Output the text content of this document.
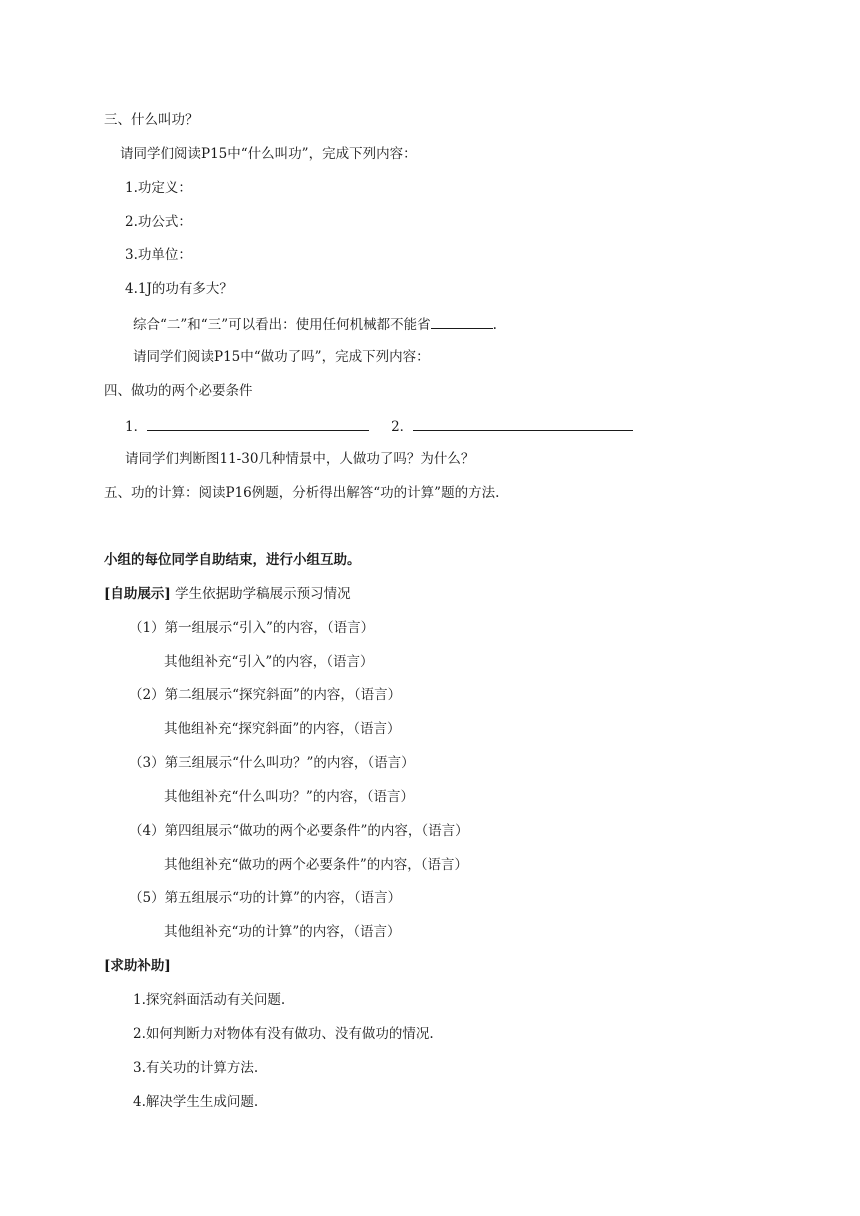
三、什么叫功？
请同学们阅读P15中“什么叫功”，完成下列内容：
1.功定义：
2.功公式：
3.功单位：
4.1J的功有多大？
综合“二”和“三”可以看出：使用任何机械都不能省	.
请同学们阅读P15中“做功了吗”，完成下列内容：
四、做功的两个必要条件
1．	2．
请同学们判断图11-30几种情景中，人做功了吗？为什么？
五、功的计算：阅读P16例题，分析得出解答“功的计算”题的方法.
小组的每位同学自助结束，进行小组互助。
[自助展示] 学生依据助学稿展示预习情况
（1）第一组展示“引入”的内容，（语言）
其他组补充“引入”的内容，（语言）
（2）第二组展示“探究斜面”的内容，（语言）
其他组补充“探究斜面”的内容，（语言）
（3）第三组展示“什么叫功？”的内容，（语言）
其他组补充“什么叫功？”的内容，（语言）
（4）第四组展示“做功的两个必要条件”的内容，（语言）
其他组补充“做功的两个必要条件”的内容，（语言）
（5）第五组展示“功的计算”的内容，（语言）
其他组补充“功的计算”的内容，（语言）
[求助补助]
1.探究斜面活动有关问题.
2.如何判断力对物体有没有做功、没有做功的情况.
3.有关功的计算方法.
4.解决学生生成问题.
